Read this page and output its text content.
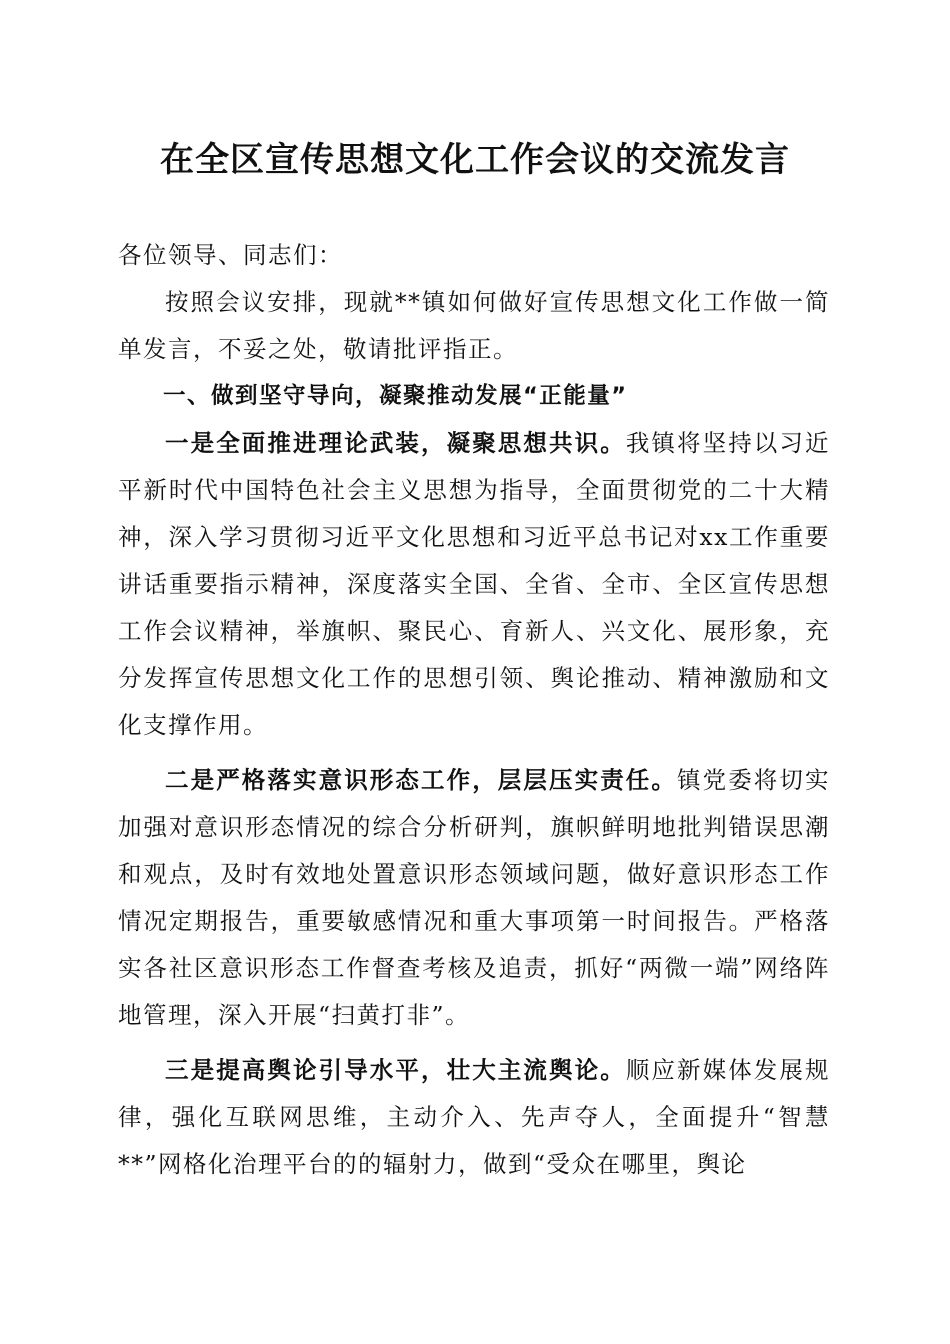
在全区宣传思想文化工作会议的交流发言

各位领导、同志们：

按照会议安排，现就**镇如何做好宣传思想文化工作做一简单发言，不妥之处，敬请批评指正。

一、做到坚守导向，凝聚推动发展“正能量”

一是全面推进理论武装，凝聚思想共识。我镇将坚持以习近平新时代中国特色社会主义思想为指导，全面贯彻党的二十大精神，深入学习贯彻习近平文化思想和习近平总书记对xx工作重要讲话重要指示精神，深度落实全国、全省、全市、全区宣传思想工作会议精神，举旗帜、聚民心、育新人、兴文化、展形象，充分发挥宣传思想文化工作的思想引领、舆论推动、精神激励和文化支撑作用。

二是严格落实意识形态工作，层层压实责任。镇党委将切实加强对意识形态情况的综合分析研判，旗帜鲜明地批判错误思潮和观点，及时有效地处置意识形态领域问题，做好意识形态工作情况定期报告，重要敏感情况和重大事项第一时间报告。严格落实各社区意识形态工作督查考核及追责，抓好“两微一端”网络阵地管理，深入开展“扫黄打非”。

三是提高舆论引导水平，壮大主流舆论。顺应新媒体发展规律，强化互联网思维，主动介入、先声夺人，全面提升“智慧**”网格化治理平台的的辐射力，做到“受众在哪里，舆论
